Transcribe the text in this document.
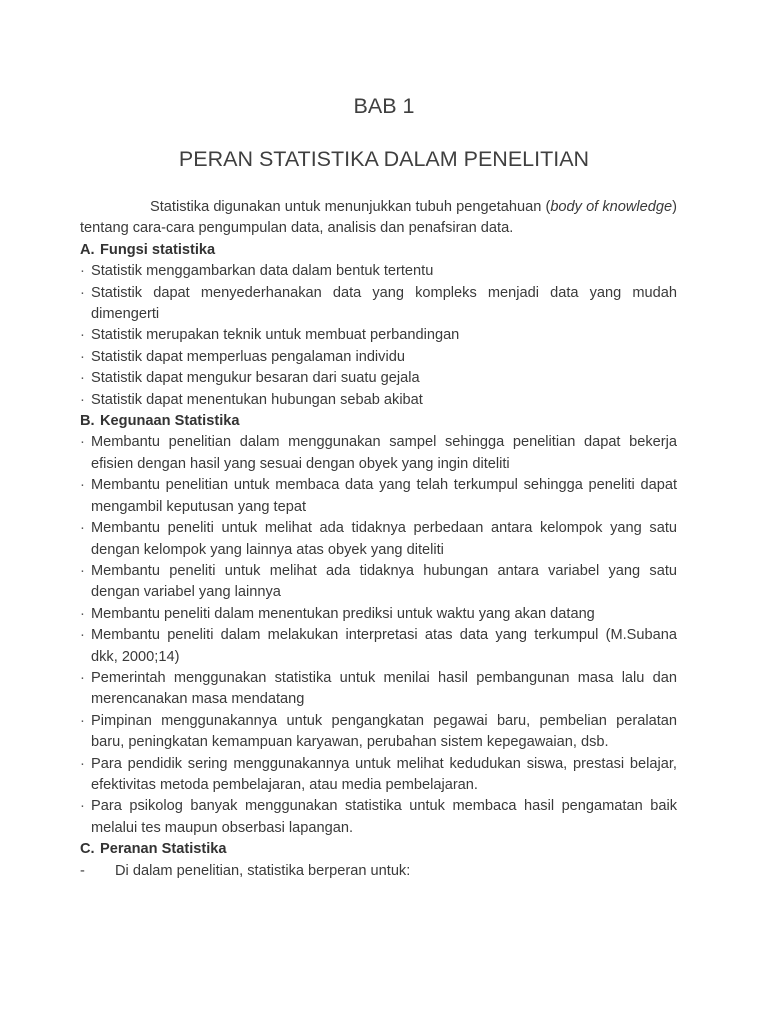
BAB 1
PERAN STATISTIKA DALAM PENELITIAN

Statistika digunakan untuk menunjukkan tubuh pengetahuan (body of knowledge) tentang cara-cara pengumpulan data, analisis dan penafsiran data.

A. Fungsi statistika

· Statistik menggambarkan data dalam bentuk tertentu
· Statistik dapat menyederhanakan data yang kompleks menjadi data yang mudah dimengerti
· Statistik merupakan teknik untuk membuat perbandingan
· Statistik dapat memperluas pengalaman individu
· Statistik dapat mengukur besaran dari suatu gejala
· Statistik dapat menentukan hubungan sebab akibat

B. Kegunaan Statistika

· Membantu penelitian dalam menggunakan sampel sehingga penelitian dapat bekerja efisien dengan hasil yang sesuai dengan obyek yang ingin diteliti
· Membantu penelitian untuk membaca data yang telah terkumpul sehingga peneliti dapat mengambil keputusan yang tepat
· Membantu peneliti untuk melihat ada tidaknya perbedaan antara kelompok yang satu dengan kelompok yang lainnya atas obyek yang diteliti
· Membantu peneliti untuk melihat ada tidaknya hubungan antara variabel yang satu dengan variabel yang lainnya
· Membantu peneliti dalam menentukan prediksi untuk waktu yang akan datang
· Membantu peneliti dalam melakukan interpretasi atas data yang terkumpul (M.Subana dkk, 2000;14)
· Pemerintah menggunakan statistika untuk menilai hasil pembangunan masa lalu dan merencanakan masa mendatang
· Pimpinan menggunakannya untuk pengangkatan pegawai baru, pembelian peralatan baru, peningkatan kemampuan karyawan, perubahan sistem kepegawaian, dsb.
· Para pendidik sering menggunakannya untuk melihat kedudukan siswa, prestasi belajar, efektivitas metoda pembelajaran, atau media pembelajaran.
· Para psikolog banyak menggunakan statistika untuk membaca hasil pengamatan baik melalui tes maupun obserbasi lapangan.

C. Peranan Statistika

- Di dalam penelitian, statistika berperan untuk:
